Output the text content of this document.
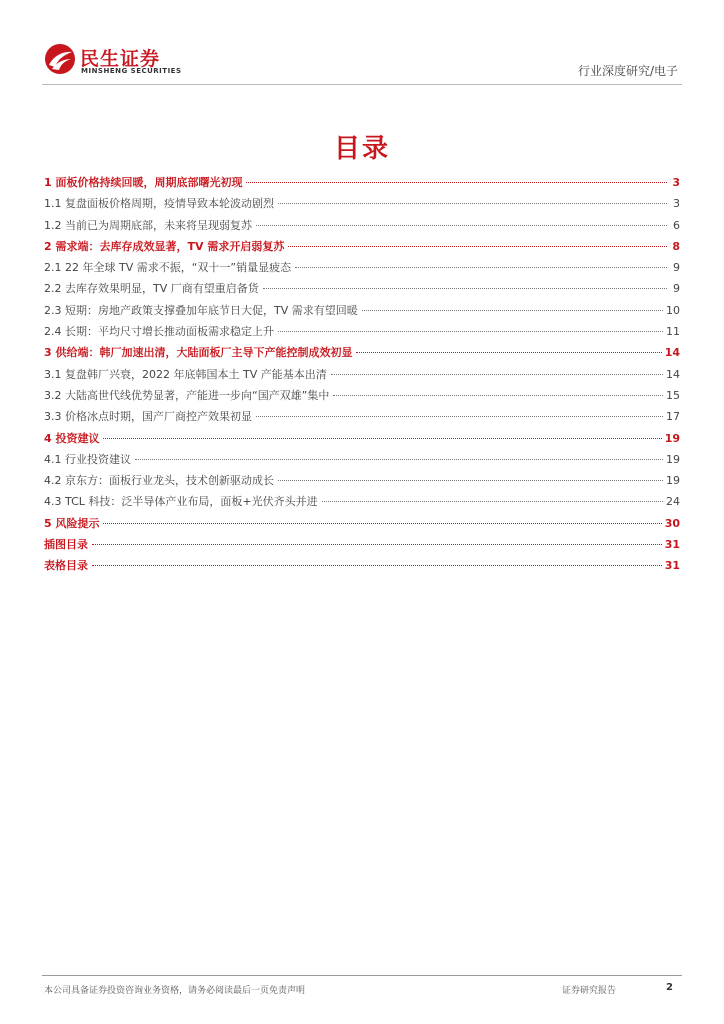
民生证券
MINSHENG SECURITIES	行业深度研究/电子
目录
1 面板价格持续回暖，周期底部曙光初现	3
1.1 复盘面板价格周期，疫情导致本轮波动剧烈	3
1.2 当前已为周期底部，未来将呈现弱复苏	6
2 需求端：去库存成效显著，TV 需求开启弱复苏	8
2.1 22 年全球 TV 需求不振，“双十一”销量显疲态	9
2.2 去库存效果明显，TV 厂商有望重启备货	9
2.3 短期：房地产政策支撑叠加年底节日大促，TV 需求有望回暖	10
2.4 长期：平均尺寸增长推动面板需求稳定上升	11
3 供给端：韩厂加速出清，大陆面板厂主导下产能控制成效初显	14
3.1 复盘韩厂兴衰，2022 年底韩国本土 TV 产能基本出清	14
3.2 大陆高世代线优势显著，产能进一步向“国产双雄”集中	15
3.3 价格冰点时期，国产厂商控产效果初显	17
4 投资建议	19
4.1 行业投资建议	19
4.2 京东方：面板行业龙头，技术创新驱动成长	19
4.3 TCL 科技：泛半导体产业布局，面板+光伏齐头并进	24
5 风险提示	30
插图目录	31
表格目录	31
本公司具备证券投资咨询业务资格，请务必阅读最后一页免责声明	证券研究报告	2
